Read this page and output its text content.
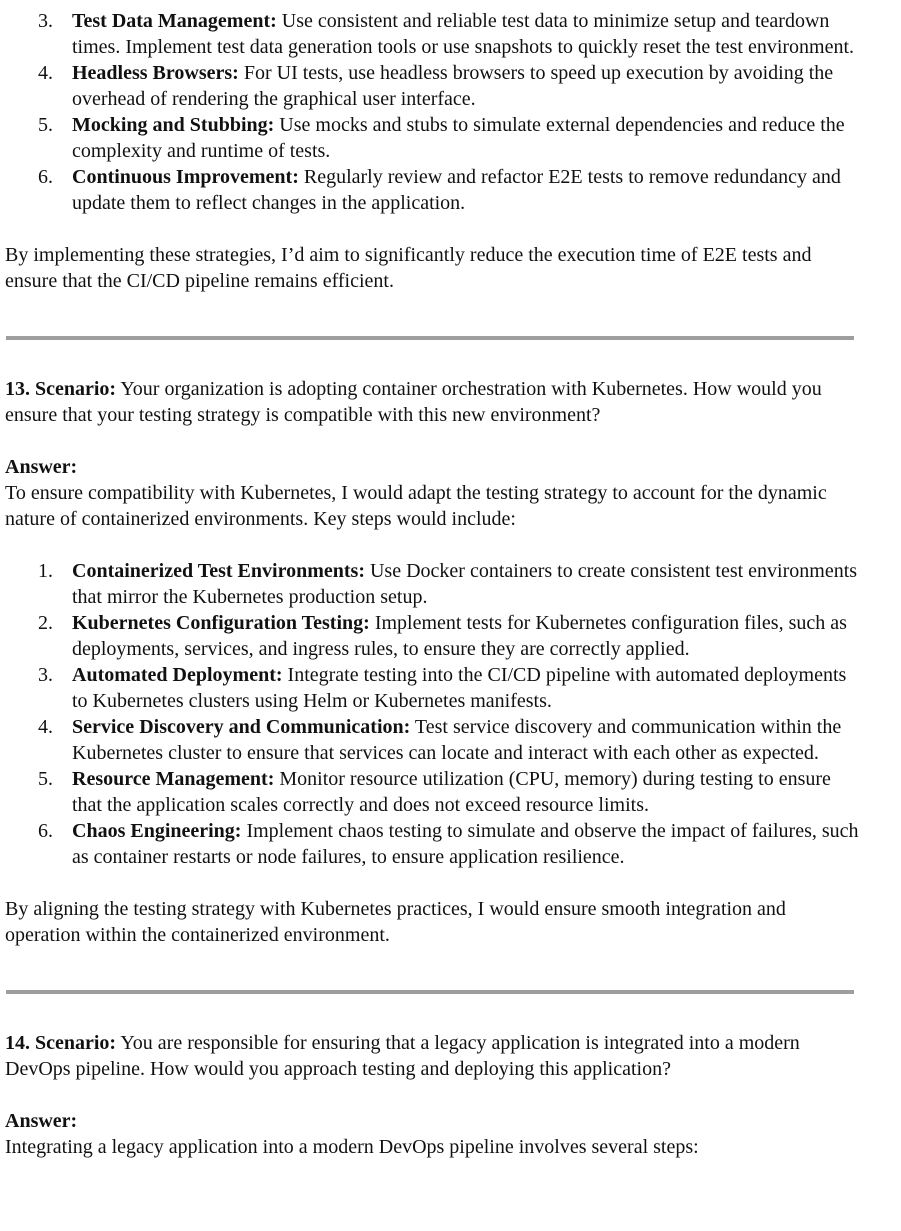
3. Test Data Management: Use consistent and reliable test data to minimize setup and teardown times. Implement test data generation tools or use snapshots to quickly reset the test environment.
4. Headless Browsers: For UI tests, use headless browsers to speed up execution by avoiding the overhead of rendering the graphical user interface.
5. Mocking and Stubbing: Use mocks and stubs to simulate external dependencies and reduce the complexity and runtime of tests.
6. Continuous Improvement: Regularly review and refactor E2E tests to remove redundancy and update them to reflect changes in the application.

By implementing these strategies, I’d aim to significantly reduce the execution time of E2E tests and ensure that the CI/CD pipeline remains efficient.

13. Scenario: Your organization is adopting container orchestration with Kubernetes. How would you ensure that your testing strategy is compatible with this new environment?

Answer:

To ensure compatibility with Kubernetes, I would adapt the testing strategy to account for the dynamic nature of containerized environments. Key steps would include:

1. Containerized Test Environments: Use Docker containers to create consistent test environments that mirror the Kubernetes production setup.
2. Kubernetes Configuration Testing: Implement tests for Kubernetes configuration files, such as deployments, services, and ingress rules, to ensure they are correctly applied.
3. Automated Deployment: Integrate testing into the CI/CD pipeline with automated deployments to Kubernetes clusters using Helm or Kubernetes manifests.
4. Service Discovery and Communication: Test service discovery and communication within the Kubernetes cluster to ensure that services can locate and interact with each other as expected.
5. Resource Management: Monitor resource utilization (CPU, memory) during testing to ensure that the application scales correctly and does not exceed resource limits.
6. Chaos Engineering: Implement chaos testing to simulate and observe the impact of failures, such as container restarts or node failures, to ensure application resilience.

By aligning the testing strategy with Kubernetes practices, I would ensure smooth integration and operation within the containerized environment.

14. Scenario: You are responsible for ensuring that a legacy application is integrated into a modern DevOps pipeline. How would you approach testing and deploying this application?

Answer:

Integrating a legacy application into a modern DevOps pipeline involves several steps:
